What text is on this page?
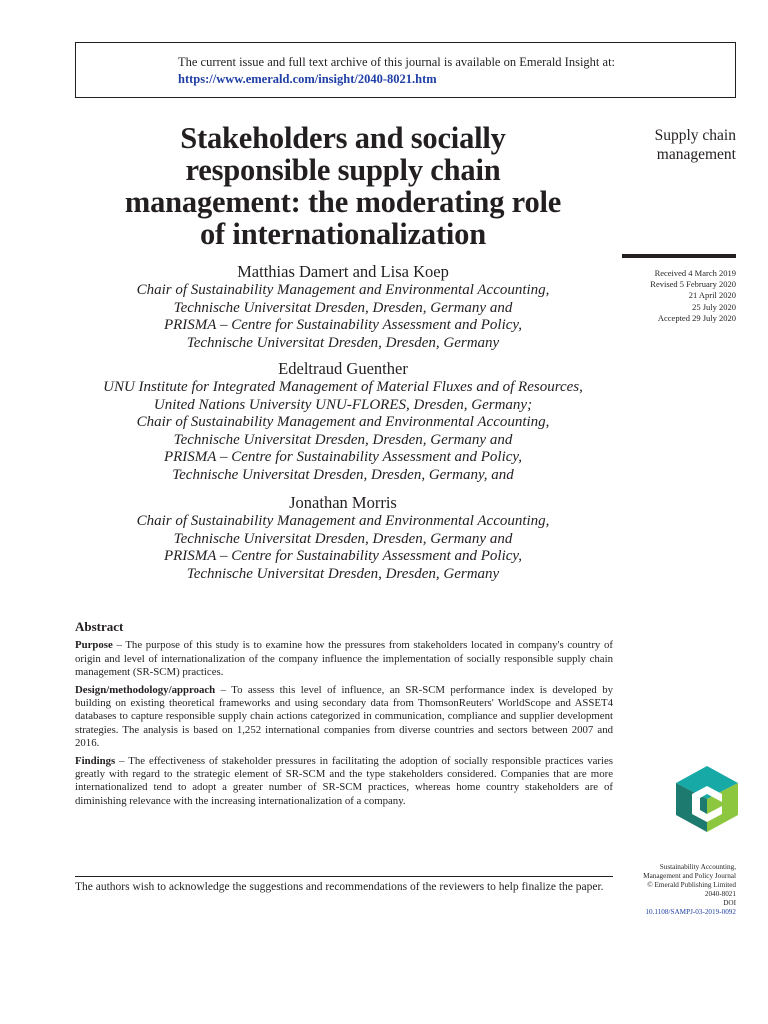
The current issue and full text archive of this journal is available on Emerald Insight at:
https://www.emerald.com/insight/2040-8021.htm
Stakeholders and socially
responsible supply chain
management: the moderating role
of internationalization
Supply chain
management
Received 4 March 2019
Revised 5 February 2020
21 April 2020
25 July 2020
Accepted 29 July 2020
Matthias Damert and Lisa Koep
Chair of Sustainability Management and Environmental Accounting,
Technische Universitat Dresden, Dresden, Germany and
PRISMA – Centre for Sustainability Assessment and Policy,
Technische Universitat Dresden, Dresden, Germany
Edeltraud Guenther
UNU Institute for Integrated Management of Material Fluxes and of Resources,
United Nations University UNU-FLORES, Dresden, Germany;
Chair of Sustainability Management and Environmental Accounting,
Technische Universitat Dresden, Dresden, Germany and
PRISMA – Centre for Sustainability Assessment and Policy,
Technische Universitat Dresden, Dresden, Germany, and
Jonathan Morris
Chair of Sustainability Management and Environmental Accounting,
Technische Universitat Dresden, Dresden, Germany and
PRISMA – Centre for Sustainability Assessment and Policy,
Technische Universitat Dresden, Dresden, Germany
Abstract

Purpose – The purpose of this study is to examine how the pressures from stakeholders located in company's country of origin and level of internationalization of the company influence the implementation of socially responsible supply chain management (SR-SCM) practices.

Design/methodology/approach – To assess this level of influence, an SR-SCM performance index is developed by building on existing theoretical frameworks and using secondary data from ThomsonReuters' WorldScope and ASSET4 databases to capture responsible supply chain actions categorized in communication, compliance and supplier development strategies. The analysis is based on 1,252 international companies from diverse countries and sectors between 2007 and 2016.

Findings – The effectiveness of stakeholder pressures in facilitating the adoption of socially responsible practices varies greatly with regard to the strategic element of SR-SCM and the type stakeholders considered. Companies that are more internationalized tend to adopt a greater number of SR-SCM practices, whereas home country stakeholders are of diminishing relevance with the increasing internationalization of a company.

The authors wish to acknowledge the suggestions and recommendations of the reviewers to help finalize the paper.
Sustainability Accounting,
Management and Policy Journal
© Emerald Publishing Limited
2040-8021
DOI
10.1108/SAMPJ-03-2019-0092
